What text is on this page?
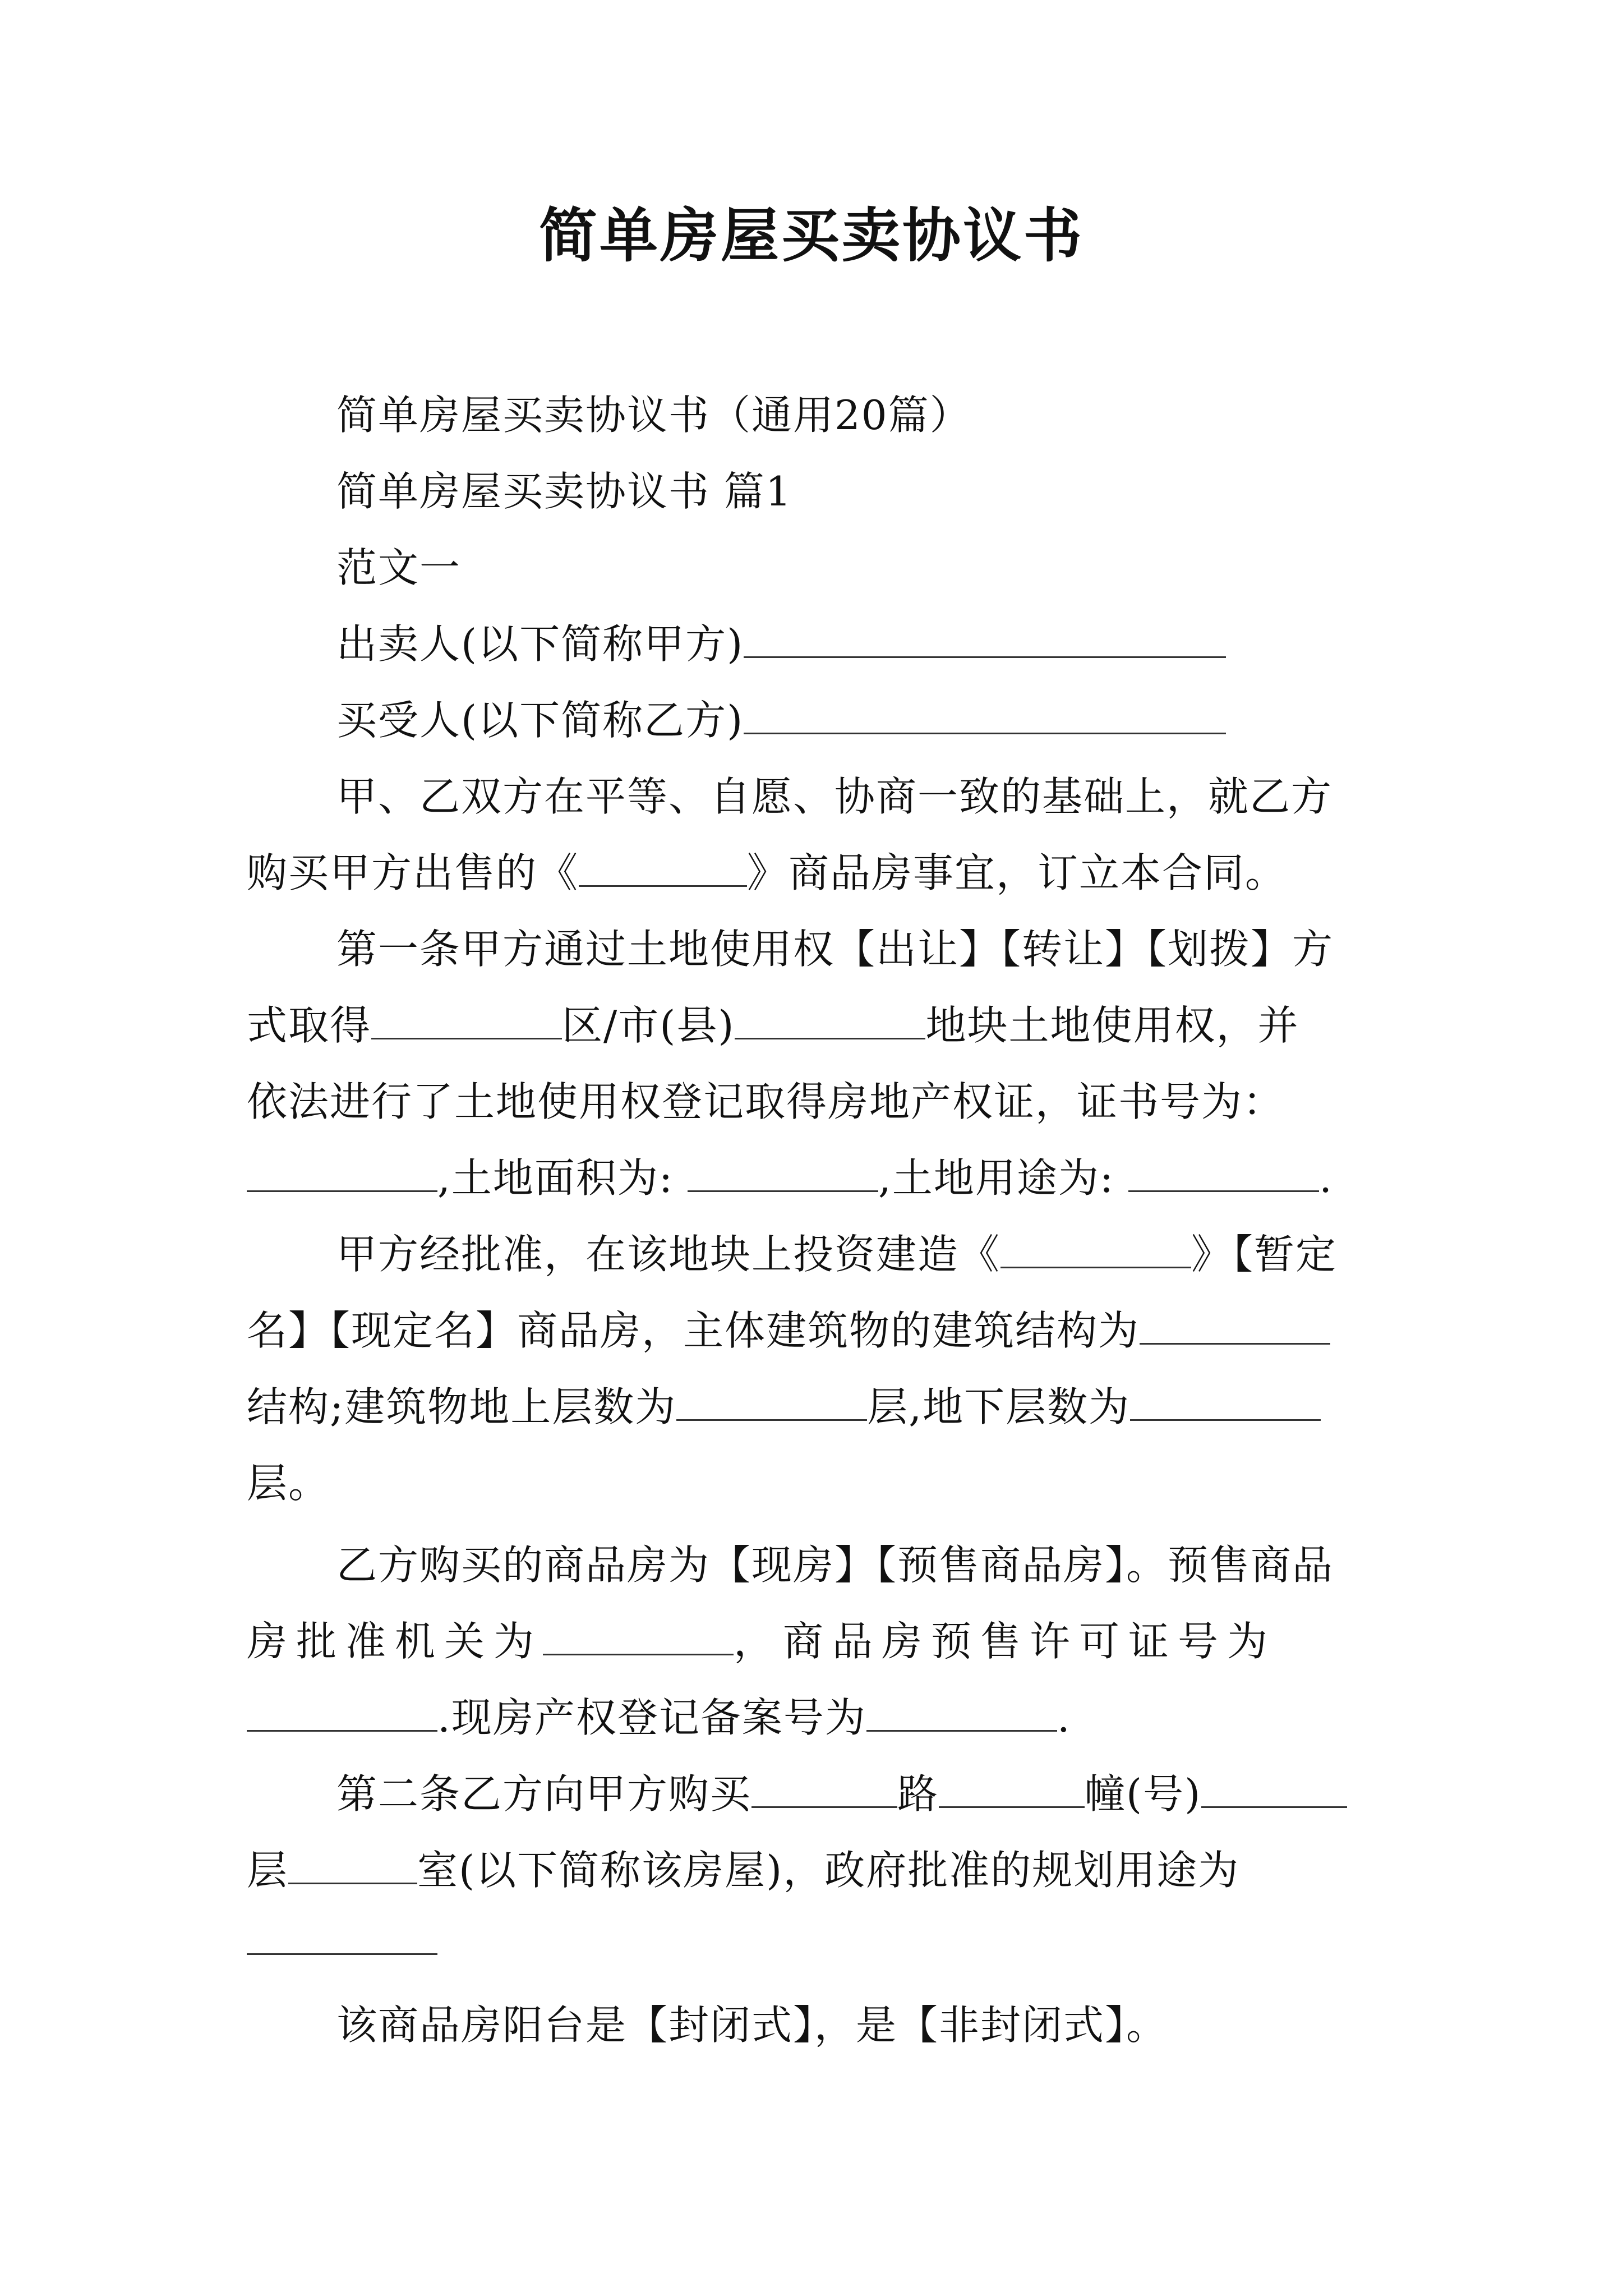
简单房屋买卖协议书
简单房屋买卖协议书（通用20篇）
简单房屋买卖协议书 篇1
范文一
出卖人(以下简称甲方)
买受人(以下简称乙方)
甲、乙双方在平等、自愿、协商一致的基础上，就乙方
购买甲方出售的《	》商品房事宜，订立本合同。
第一条甲方通过土地使用权【出让】【转让】【划拨】方
式取得	区/市(县)	地块土地使用权，并
依法进行了土地使用权登记取得房地产权证，证书号为：
,土地面积为:	,土地用途为:	.
甲方经批准，在该地块上投资建造《	》【暂定
名】【现定名】商品房，主体建筑物的建筑结构为
结构;建筑物地上层数为	层,地下层数为
层。
乙方购买的商品房为【现房】【预售商品房】。预售商品
房批准机关为	，商品房预售许可证号为
.现房产权登记备案号为	.
第二条乙方向甲方购买	路	幢(号)
层	室(以下简称该房屋)，政府批准的规划用途为
该商品房阳台是【封闭式】，是【非封闭式】。
